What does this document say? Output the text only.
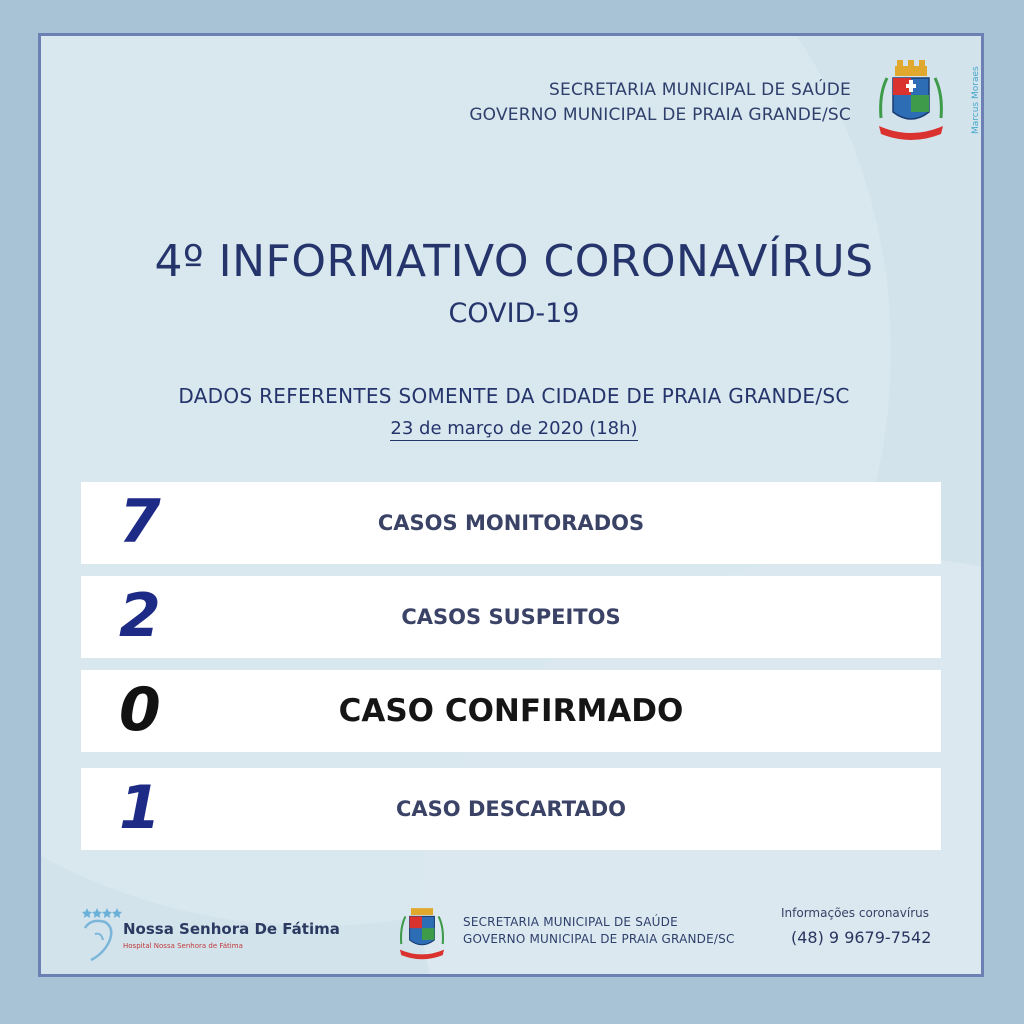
SECRETARIA MUNICIPAL DE SAÚDE
GOVERNO MUNICIPAL DE PRAIA GRANDE/SC	Marcus Moraes
4º INFORMATIVO CORONAVÍRUS
COVID-19
DADOS REFERENTES SOMENTE DA CIDADE DE PRAIA GRANDE/SC
23 de março de 2020 (18h)
7	CASOS MONITORADOS
2	CASOS SUSPEITOS
0	CASO CONFIRMADO
1	CASO DESCARTADO
Nossa Senhora De Fátima
Hospital Nossa Senhora de Fátima
SECRETARIA MUNICIPAL DE SAÚDE
GOVERNO MUNICIPAL DE PRAIA GRANDE/SC
Informações coronavírus
(48) 9 9679-7542
